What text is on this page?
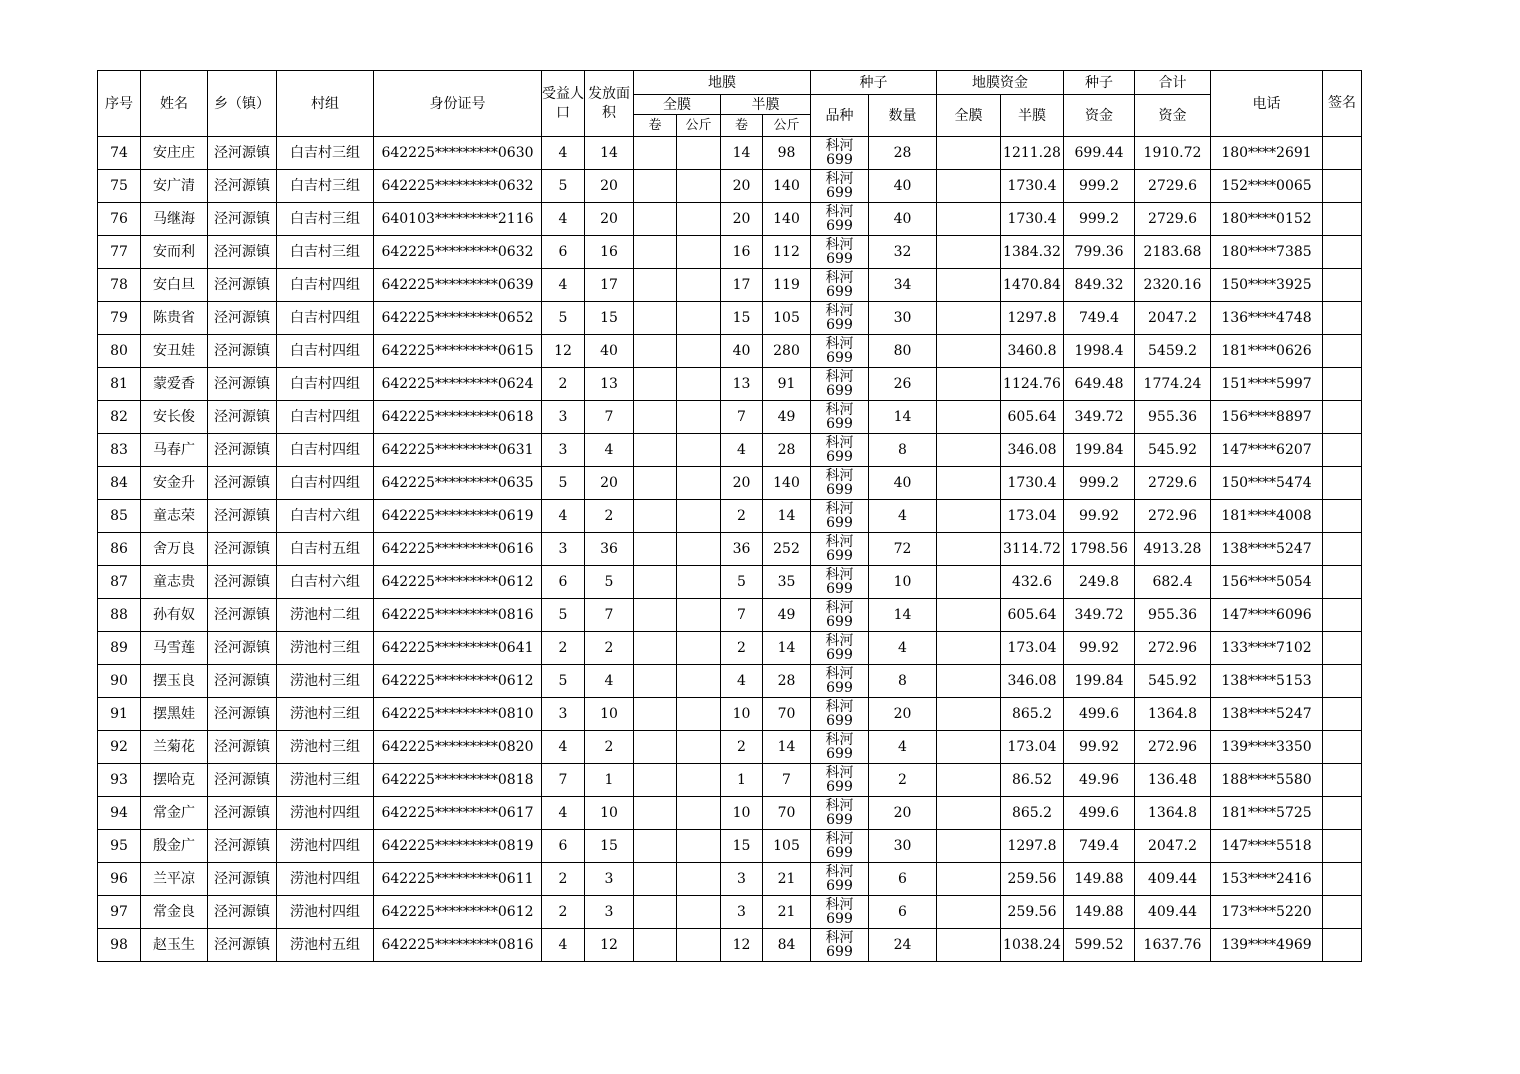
序号	姓名	乡（镇）	村组	身份证号	受益人口	发放面积	地膜				种子		地膜资金		种子	合计	电话	签名
							全膜		半膜		品种	数量	全膜	半膜	资金	资金		
							卷	公斤	卷	公斤								
74	安庄庄	泾河源镇	白吉村三组	642225*********0630	4	14			14	98	科河
699	28		1211.28	699.44	1910.72	180****2691	
75	安广清	泾河源镇	白吉村三组	642225*********0632	5	20			20	140	科河
699	40		1730.4	999.2	2729.6	152****0065	
76	马继海	泾河源镇	白吉村三组	640103*********2116	4	20			20	140	科河
699	40		1730.4	999.2	2729.6	180****0152	
77	安而利	泾河源镇	白吉村三组	642225*********0632	6	16			16	112	科河
699	32		1384.32	799.36	2183.68	180****7385	
78	安白旦	泾河源镇	白吉村四组	642225*********0639	4	17			17	119	科河
699	34		1470.84	849.32	2320.16	150****3925	
79	陈贵省	泾河源镇	白吉村四组	642225*********0652	5	15			15	105	科河
699	30		1297.8	749.4	2047.2	136****4748	
80	安丑娃	泾河源镇	白吉村四组	642225*********0615	12	40			40	280	科河
699	80		3460.8	1998.4	5459.2	181****0626	
81	蒙爱香	泾河源镇	白吉村四组	642225*********0624	2	13			13	91	科河
699	26		1124.76	649.48	1774.24	151****5997	
82	安长俊	泾河源镇	白吉村四组	642225*********0618	3	7			7	49	科河
699	14		605.64	349.72	955.36	156****8897	
83	马春广	泾河源镇	白吉村四组	642225*********0631	3	4			4	28	科河
699	8		346.08	199.84	545.92	147****6207	
84	安金升	泾河源镇	白吉村四组	642225*********0635	5	20			20	140	科河
699	40		1730.4	999.2	2729.6	150****5474	
85	童志荣	泾河源镇	白吉村六组	642225*********0619	4	2			2	14	科河
699	4		173.04	99.92	272.96	181****4008	
86	舍万良	泾河源镇	白吉村五组	642225*********0616	3	36			36	252	科河
699	72		3114.72	1798.56	4913.28	138****5247	
87	童志贵	泾河源镇	白吉村六组	642225*********0612	6	5			5	35	科河
699	10		432.6	249.8	682.4	156****5054	
88	孙有奴	泾河源镇	涝池村二组	642225*********0816	5	7			7	49	科河
699	14		605.64	349.72	955.36	147****6096	
89	马雪莲	泾河源镇	涝池村三组	642225*********0641	2	2			2	14	科河
699	4		173.04	99.92	272.96	133****7102	
90	摆玉良	泾河源镇	涝池村三组	642225*********0612	5	4			4	28	科河
699	8		346.08	199.84	545.92	138****5153	
91	摆黑娃	泾河源镇	涝池村三组	642225*********0810	3	10			10	70	科河
699	20		865.2	499.6	1364.8	138****5247	
92	兰菊花	泾河源镇	涝池村三组	642225*********0820	4	2			2	14	科河
699	4		173.04	99.92	272.96	139****3350	
93	摆哈克	泾河源镇	涝池村三组	642225*********0818	7	1			1	7	科河
699	2		86.52	49.96	136.48	188****5580	
94	常金广	泾河源镇	涝池村四组	642225*********0617	4	10			10	70	科河
699	20		865.2	499.6	1364.8	181****5725	
95	殷金广	泾河源镇	涝池村四组	642225*********0819	6	15			15	105	科河
699	30		1297.8	749.4	2047.2	147****5518	
96	兰平凉	泾河源镇	涝池村四组	642225*********0611	2	3			3	21	科河
699	6		259.56	149.88	409.44	153****2416	
97	常金良	泾河源镇	涝池村四组	642225*********0612	2	3			3	21	科河
699	6		259.56	149.88	409.44	173****5220	
98	赵玉生	泾河源镇	涝池村五组	642225*********0816	4	12			12	84	科河
699	24		1038.24	599.52	1637.76	139****4969	
